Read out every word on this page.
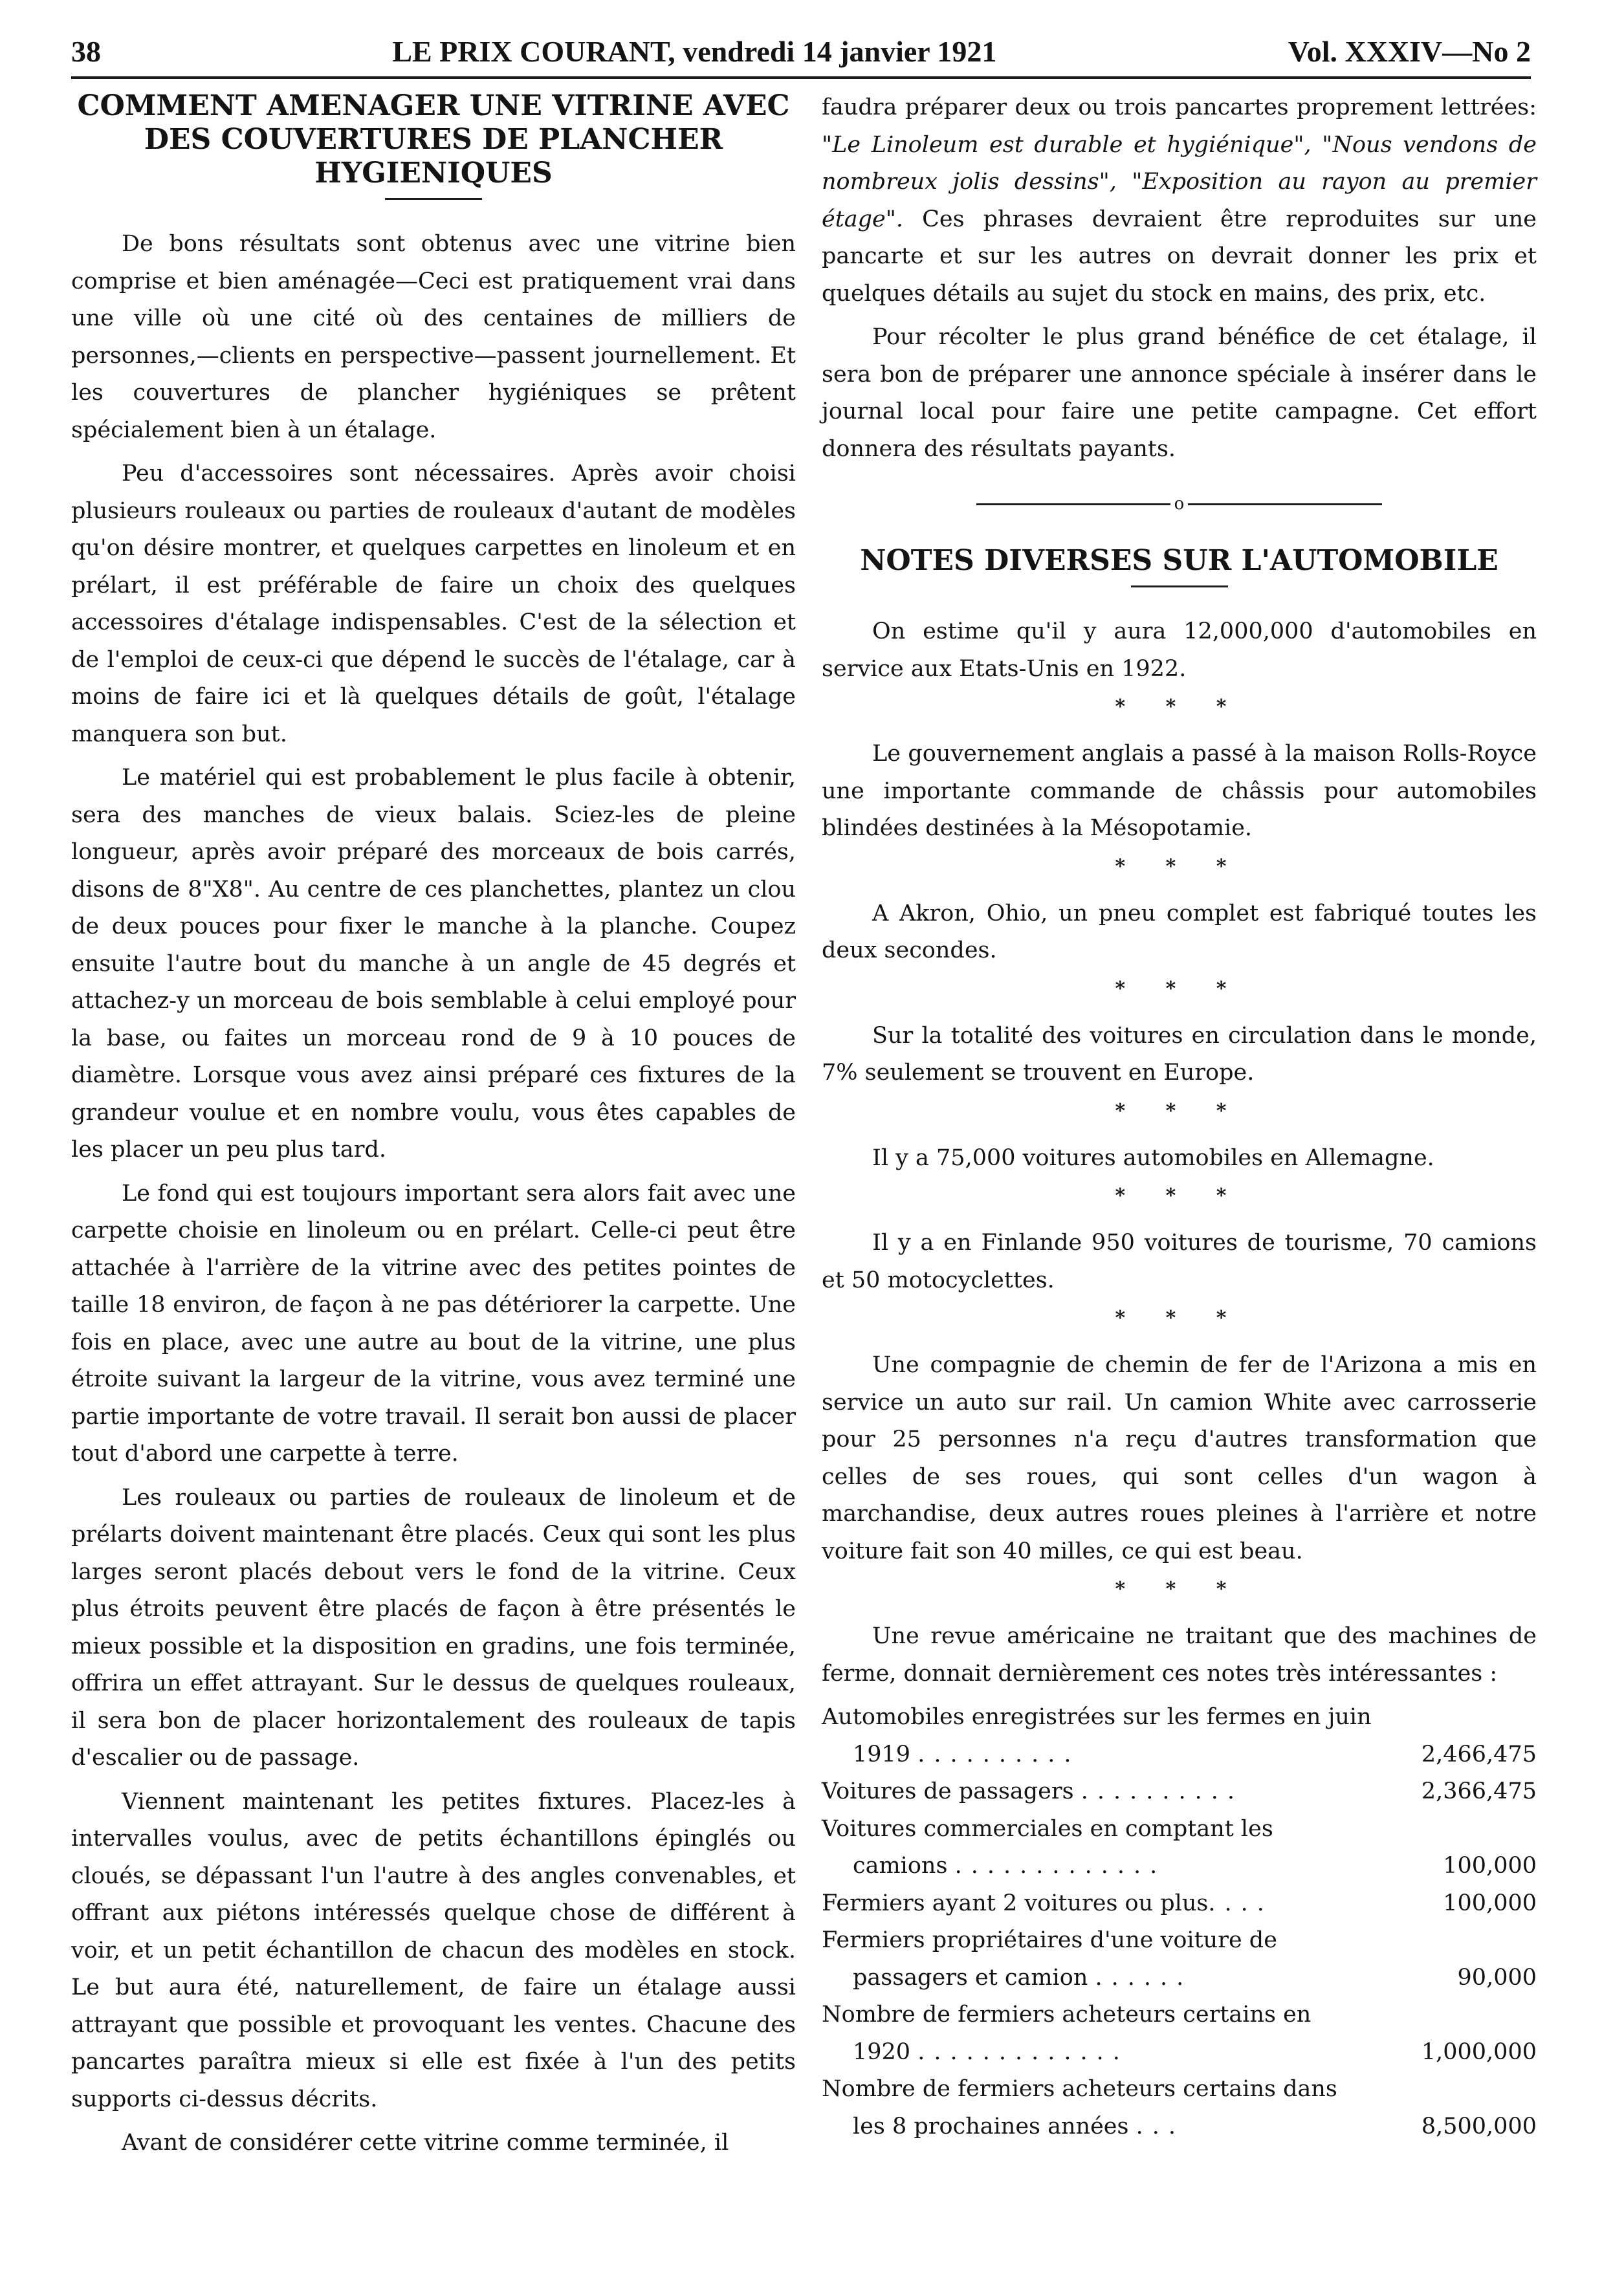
38	LE PRIX COURANT, vendredi 14 janvier 1921	Vol. XXXIV—No 2
COMMENT AMENAGER UNE VITRINE AVEC DES COUVERTURES DE PLANCHER HYGIENIQUES

De bons résultats sont obtenus avec une vitrine bien comprise et bien aménagée—Ceci est pratiquement vrai dans une ville où une cité où des centaines de milliers de personnes,—clients en perspective—passent journellement. Et les couvertures de plancher hygiéniques se prêtent spécialement bien à un étalage.

Peu d'accessoires sont nécessaires. Après avoir choisi plusieurs rouleaux ou parties de rouleaux d'autant de modèles qu'on désire montrer, et quelques carpettes en linoleum et en prélart, il est préférable de faire un choix des quelques accessoires d'étalage indispensables. C'est de la sélection et de l'emploi de ceux-ci que dépend le succès de l'étalage, car à moins de faire ici et là quelques détails de goût, l'étalage manquera son but.

Le matériel qui est probablement le plus facile à obtenir, sera des manches de vieux balais. Sciez-les de pleine longueur, après avoir préparé des morceaux de bois carrés, disons de 8"X8". Au centre de ces planchettes, plantez un clou de deux pouces pour fixer le manche à la planche. Coupez ensuite l'autre bout du manche à un angle de 45 degrés et attachez-y un morceau de bois semblable à celui employé pour la base, ou faites un morceau rond de 9 à 10 pouces de diamètre. Lorsque vous avez ainsi préparé ces fixtures de la grandeur voulue et en nombre voulu, vous êtes capables de les placer un peu plus tard.

Le fond qui est toujours important sera alors fait avec une carpette choisie en linoleum ou en prélart. Celle-ci peut être attachée à l'arrière de la vitrine avec des petites pointes de taille 18 environ, de façon à ne pas détériorer la carpette. Une fois en place, avec une autre au bout de la vitrine, une plus étroite suivant la largeur de la vitrine, vous avez terminé une partie importante de votre travail. Il serait bon aussi de placer tout d'abord une carpette à terre.

Les rouleaux ou parties de rouleaux de linoleum et de prélarts doivent maintenant être placés. Ceux qui sont les plus larges seront placés debout vers le fond de la vitrine. Ceux plus étroits peuvent être placés de façon à être présentés le mieux possible et la disposition en gradins, une fois terminée, offrira un effet attrayant. Sur le dessus de quelques rouleaux, il sera bon de placer horizontalement des rouleaux de tapis d'escalier ou de passage.

Viennent maintenant les petites fixtures. Placez-les à intervalles voulus, avec de petits échantillons épinglés ou cloués, se dépassant l'un l'autre à des angles convenables, et offrant aux piétons intéressés quelque chose de différent à voir, et un petit échantillon de chacun des modèles en stock. Le but aura été, naturellement, de faire un étalage aussi attrayant que possible et provoquant les ventes. Chacune des pancartes paraîtra mieux si elle est fixée à l'un des petits supports ci-dessus décrits.

Avant de considérer cette vitrine comme terminée, il

faudra préparer deux ou trois pancartes proprement lettrées: "Le Linoleum est durable et hygiénique", "Nous vendons de nombreux jolis dessins", "Exposition au rayon au premier étage". Ces phrases devraient être reproduites sur une pancarte et sur les autres on devrait donner les prix et quelques détails au sujet du stock en mains, des prix, etc.

Pour récolter le plus grand bénéfice de cet étalage, il sera bon de préparer une annonce spéciale à insérer dans le journal local pour faire une petite campagne. Cet effort donnera des résultats payants.

o
NOTES DIVERSES SUR L'AUTOMOBILE

On estime qu'il y aura 12,000,000 d'automobiles en service aux Etats-Unis en 1922.

* * *

Le gouvernement anglais a passé à la maison Rolls-Royce une importante commande de châssis pour automobiles blindées destinées à la Mésopotamie.

* * *

A Akron, Ohio, un pneu complet est fabriqué toutes les deux secondes.

* * *

Sur la totalité des voitures en circulation dans le monde, 7% seulement se trouvent en Europe.

* * *

Il y a 75,000 voitures automobiles en Allemagne.

* * *

Il y a en Finlande 950 voitures de tourisme, 70 camions et 50 motocyclettes.

* * *

Une compagnie de chemin de fer de l'Arizona a mis en service un auto sur rail. Un camion White avec carrosserie pour 25 personnes n'a reçu d'autres transformation que celles de ses roues, qui sont celles d'un wagon à marchandise, deux autres roues pleines à l'arrière et notre voiture fait son 40 milles, ce qui est beau.

* * *

Une revue américaine ne traitant que des machines de ferme, donnait dernièrement ces notes très intéressantes :

Automobiles enregistrées sur les fermes en juin 1919 ..........	2,466,475
Voitures de passagers ..........	2,366,475
Voitures commerciales en comptant les camions .............	100,000
Fermiers ayant 2 voitures ou plus....	100,000
Fermiers propriétaires d'une voiture de passagers et camion ......	90,000
Nombre de fermiers acheteurs certains en 1920 .............	1,000,000
Nombre de fermiers acheteurs certains dans les 8 prochaines années ...	8,500,000
